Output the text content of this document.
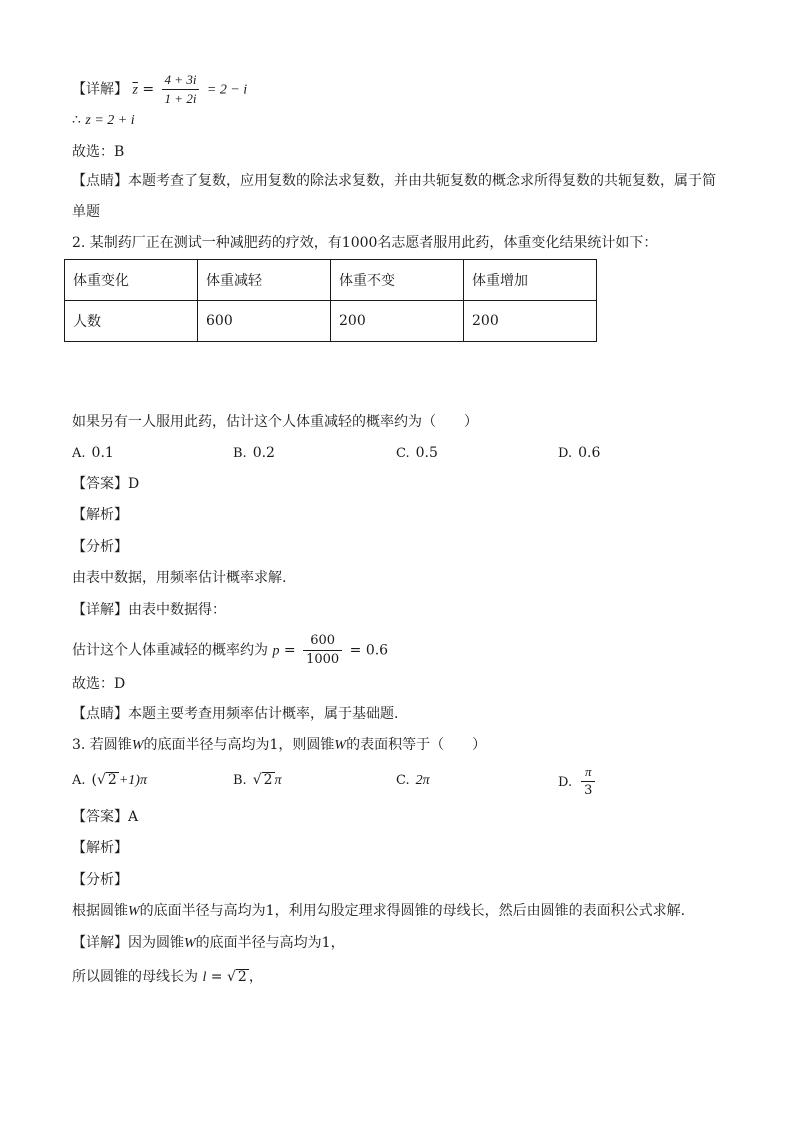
【详解】 $\overline{z} = \frac{4 + 3i}{1 + 2i} = 2 - i$
∴ z = 2 + i
故选：B
【点睛】本题考查了复数，应用复数的除法求复数，并由共轭复数的概念求所得复数的共轭复数，属于简
单题
2. 某制药厂正在测试一种减肥药的疗效，有1000名志愿者服用此药，体重变化结果统计如下：
体重变化	体重减轻	体重不变	体重增加
人数	600	200	200
如果另有一人服用此药，估计这个人体重减轻的概率约为（　　）
A. 0.1	B. 0.2	C. 0.5	D. 0.6
【答案】D
【解析】
【分析】
由表中数据，用频率估计概率求解.
【详解】由表中数据得：
估计这个人体重减轻的概率约为 $p = \frac{600}{1000} = 0.6$
故选：D
【点睛】本题主要考查用频率估计概率，属于基础题.
3. 若圆锥W的底面半径与高均为1，则圆锥W的表面积等于（　　）
A. (√ 2 +1)π	B. √ 2 π	C. 2π	D. $\frac{\pi}{3}$
【答案】A
【解析】
【分析】
根据圆锥W的底面半径与高均为1，利用勾股定理求得圆锥的母线长，然后由圆锥的表面积公式求解.
【详解】因为圆锥W的底面半径与高均为1，
所以圆锥的母线长为 l = √ 2 ，
